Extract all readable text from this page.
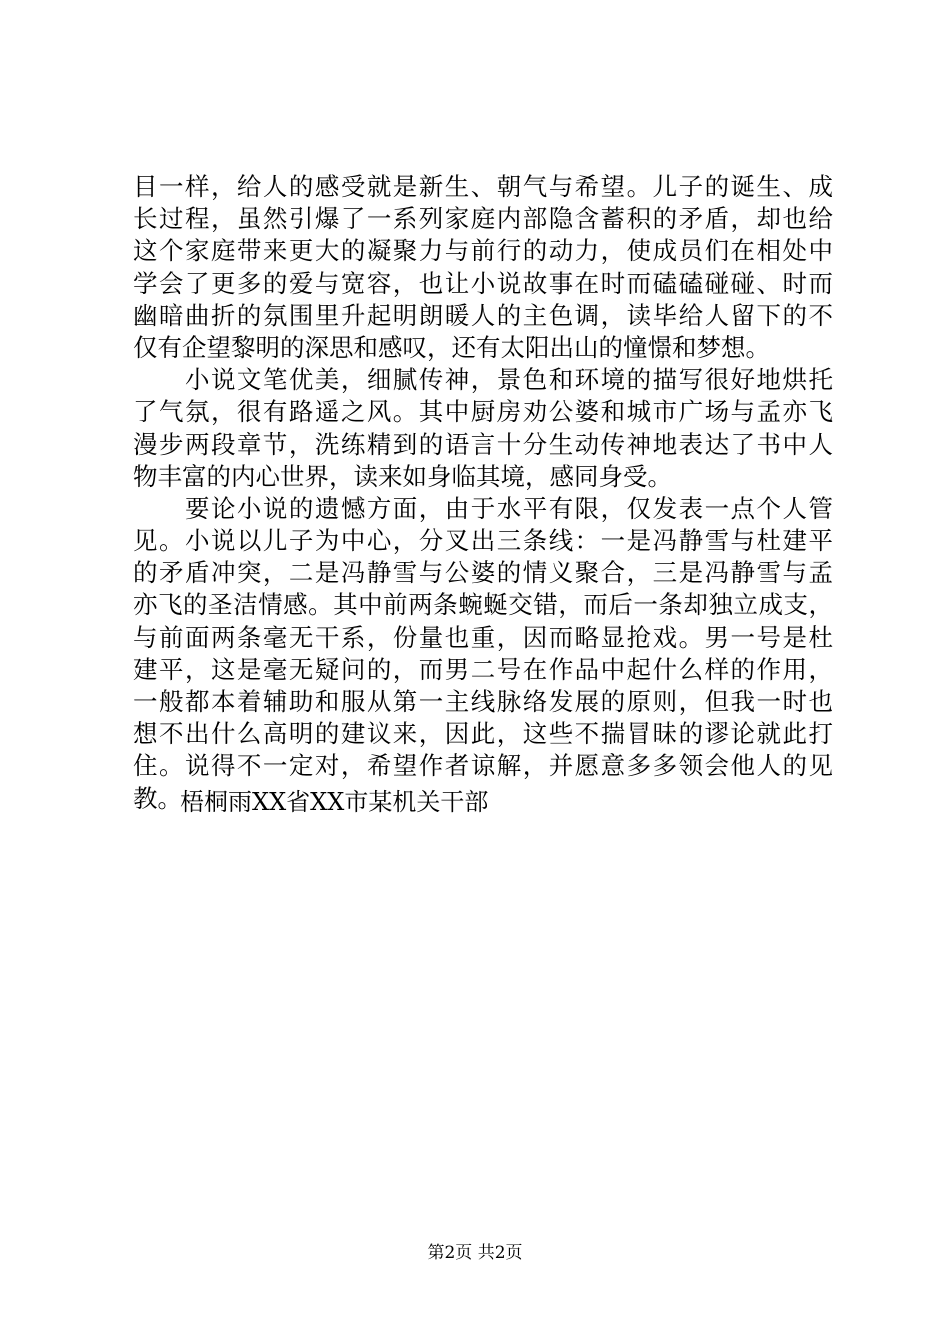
目一样，给人的感受就是新生、朝气与希望。儿子的诞生、成
长过程，虽然引爆了一系列家庭内部隐含蓄积的矛盾，却也给
这个家庭带来更大的凝聚力与前行的动力，使成员们在相处中
学会了更多的爱与宽容，也让小说故事在时而磕磕碰碰、时而
幽暗曲折的氛围里升起明朗暖人的主色调，读毕给人留下的不
仅有企望黎明的深思和感叹，还有太阳出山的憧憬和梦想。
　　小说文笔优美，细腻传神，景色和环境的描写很好地烘托
了气氛，很有路遥之风。其中厨房劝公婆和城市广场与孟亦飞
漫步两段章节，洗练精到的语言十分生动传神地表达了书中人
物丰富的内心世界，读来如身临其境，感同身受。
　　要论小说的遗憾方面，由于水平有限，仅发表一点个人管
见。小说以儿子为中心，分叉出三条线：一是冯静雪与杜建平
的矛盾冲突，二是冯静雪与公婆的情义聚合，三是冯静雪与孟
亦飞的圣洁情感。其中前两条蜿蜒交错，而后一条却独立成支，
与前面两条毫无干系，份量也重，因而略显抢戏。男一号是杜
建平，这是毫无疑问的，而男二号在作品中起什么样的作用，
一般都本着辅助和服从第一主线脉络发展的原则，但我一时也
想不出什么高明的建议来，因此，这些不揣冒昧的谬论就此打
住。说得不一定对，希望作者谅解，并愿意多多领会他人的见
教。
梧桐雨XX省XX市某机关干部
第2页 共2页
